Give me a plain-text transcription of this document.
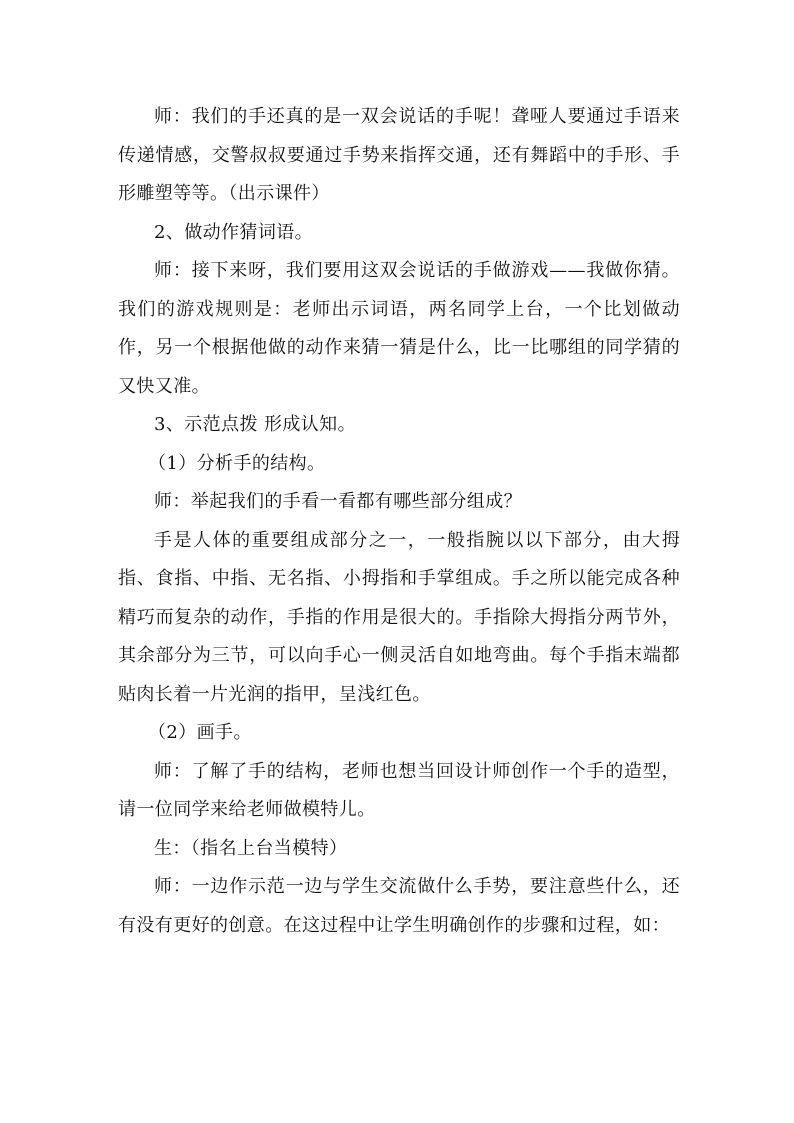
师：我们的手还真的是一双会说话的手呢！聋哑人要通过手语来传递情感，交警叔叔要通过手势来指挥交通，还有舞蹈中的手形、手形雕塑等等。（出示课件）

2、做动作猜词语。

师：接下来呀，我们要用这双会说话的手做游戏——我做你猜。我们的游戏规则是：老师出示词语，两名同学上台，一个比划做动作，另一个根据他做的动作来猜一猜是什么，比一比哪组的同学猜的又快又准。

3、示范点拨 形成认知。

（1）分析手的结构。

师：举起我们的手看一看都有哪些部分组成？

手是人体的重要组成部分之一，一般指腕以以下部分，由大拇指、食指、中指、无名指、小拇指和手掌组成。手之所以能完成各种精巧而复杂的动作，手指的作用是很大的。手指除大拇指分两节外，其余部分为三节，可以向手心一侧灵活自如地弯曲。每个手指末端都贴肉长着一片光润的指甲，呈浅红色。

（2）画手。

师：了解了手的结构，老师也想当回设计师创作一个手的造型，请一位同学来给老师做模特儿。

生：（指名上台当模特）

师：一边作示范一边与学生交流做什么手势，要注意些什么，还有没有更好的创意。在这过程中让学生明确创作的步骤和过程，如：
